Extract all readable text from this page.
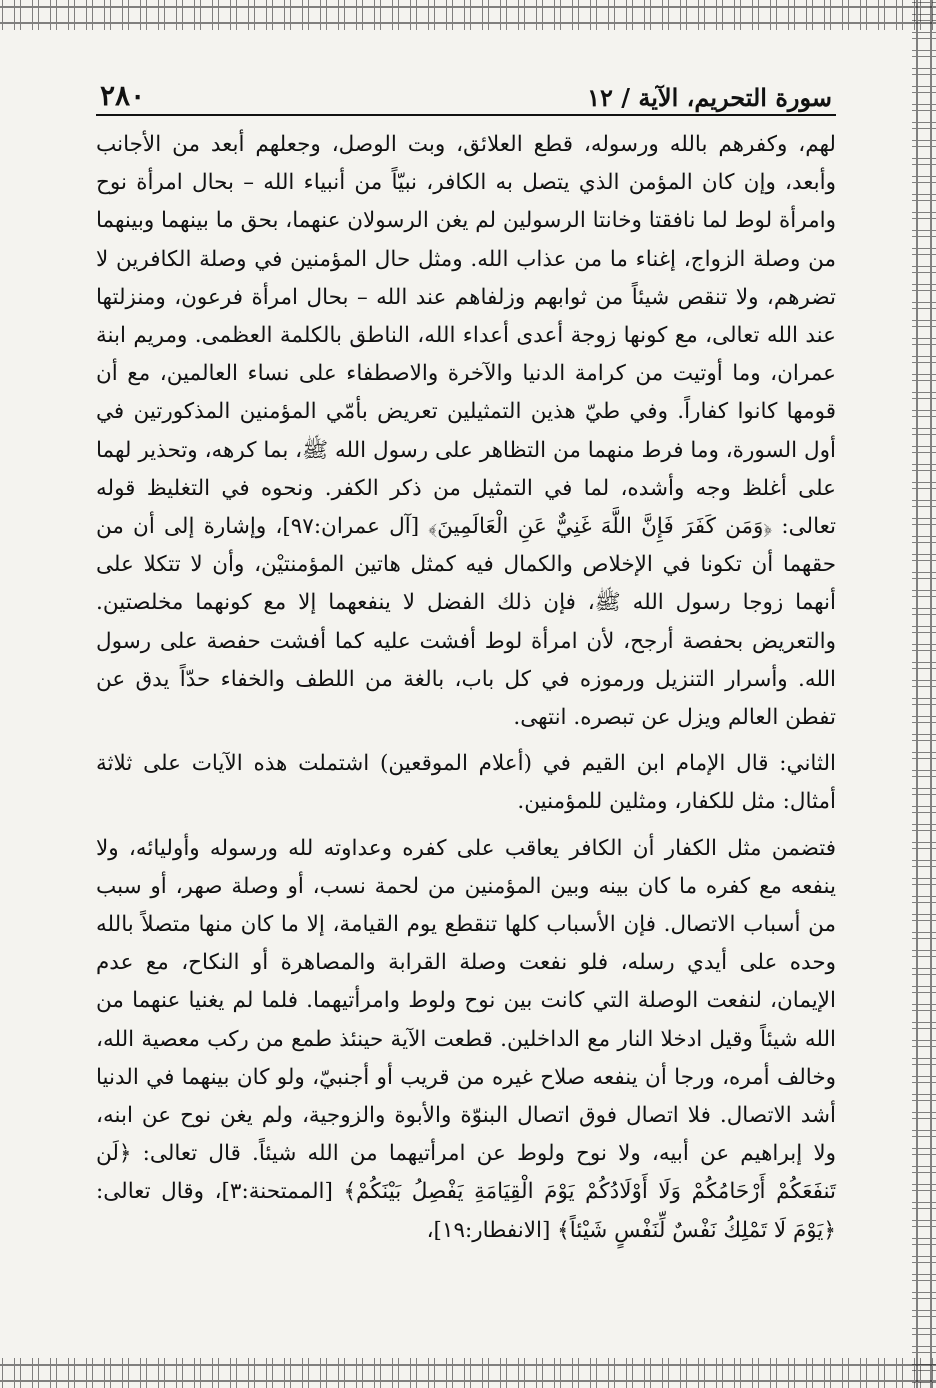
سورة التحريم، الآية / ١٢
٢٨٠

لهم، وكفرهم بالله ورسوله، قطع العلائق، وبت الوصل، وجعلهم أبعد من الأجانب وأبعد، وإن كان المؤمن الذي يتصل به الكافر، نبيّاً من أنبياء الله – بحال امرأة نوح وامرأة لوط لما نافقتا وخانتا الرسولين لم يغن الرسولان عنهما، بحق ما بينهما وبينهما من وصلة الزواج، إغناء ما من عذاب الله. ومثل حال المؤمنين في وصلة الكافرين لا تضرهم، ولا تنقص شيئاً من ثوابهم وزلفاهم عند الله – بحال امرأة فرعون، ومنزلتها عند الله تعالى، مع كونها زوجة أعدى أعداء الله، الناطق بالكلمة العظمى. ومريم ابنة عمران، وما أوتيت من كرامة الدنيا والآخرة والاصطفاء على نساء العالمين، مع أن قومها كانوا كفاراً. وفي طيّ هذين التمثيلين تعريض بأمّي المؤمنين المذكورتين في أول السورة، وما فرط منهما من التظاهر على رسول الله ﷺ، بما كرهه، وتحذير لهما على أغلظ وجه وأشده، لما في التمثيل من ذكر الكفر. ونحوه في التغليظ قوله تعالى: ﴿وَمَن كَفَرَ فَإِنَّ اللَّهَ غَنِيٌّ عَنِ الْعَالَمِينَ﴾ [آل عمران:٩٧]، وإشارة إلى أن من حقهما أن تكونا في الإخلاص والكمال فيه كمثل هاتين المؤمنتيْن، وأن لا تتكلا على أنهما زوجا رسول الله ﷺ، فإن ذلك الفضل لا ينفعهما إلا مع كونهما مخلصتين. والتعريض بحفصة أرجح، لأن امرأة لوط أفشت عليه كما أفشت حفصة على رسول الله. وأسرار التنزيل ورموزه في كل باب، بالغة من اللطف والخفاء حدّاً يدق عن تفطن العالم ويزل عن تبصره. انتهى.

الثاني: قال الإمام ابن القيم في (أعلام الموقعين) اشتملت هذه الآيات على ثلاثة أمثال: مثل للكفار، ومثلين للمؤمنين.

فتضمن مثل الكفار أن الكافر يعاقب على كفره وعداوته لله ورسوله وأوليائه، ولا ينفعه مع كفره ما كان بينه وبين المؤمنين من لحمة نسب، أو وصلة صهر، أو سبب من أسباب الاتصال. فإن الأسباب كلها تنقطع يوم القيامة، إلا ما كان منها متصلاً بالله وحده على أيدي رسله، فلو نفعت وصلة القرابة والمصاهرة أو النكاح، مع عدم الإيمان، لنفعت الوصلة التي كانت بين نوح ولوط وامرأتيهما. فلما لم يغنيا عنهما من الله شيئاً وقيل ادخلا النار مع الداخلين. قطعت الآية حينئذ طمع من ركب معصية الله، وخالف أمره، ورجا أن ينفعه صلاح غيره من قريب أو أجنبيّ، ولو كان بينهما في الدنيا أشد الاتصال. فلا اتصال فوق اتصال البنوّة والأبوة والزوجية، ولم يغن نوح عن ابنه، ولا إبراهيم عن أبيه، ولا نوح ولوط عن امرأتيهما من الله شيئاً. قال تعالى: ﴿لَن تَنفَعَكُمْ أَرْحَامُكُمْ وَلَا أَوْلَادُكُمْ يَوْمَ الْقِيَامَةِ يَفْصِلُ بَيْنَكُمْ﴾ [الممتحنة:٣]، وقال تعالى: ﴿يَوْمَ لَا تَمْلِكُ نَفْسٌ لِّنَفْسٍ شَيْئاً﴾ [الانفطار:١٩]،
